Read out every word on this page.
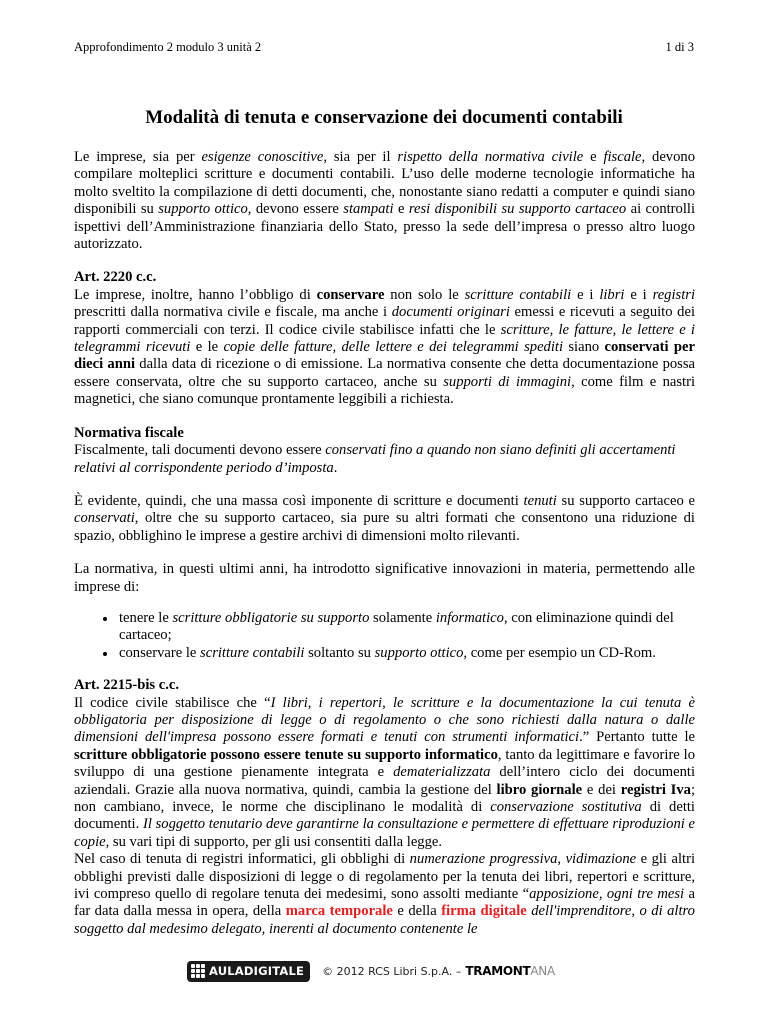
Approfondimento 2 modulo 3 unità 2	1 di 3
Modalità di tenuta e conservazione dei documenti contabili

Le imprese, sia per esigenze conoscitive, sia per il rispetto della normativa civile e fiscale, devono compilare molteplici scritture e documenti contabili. L’uso delle moderne tecnologie informatiche ha molto sveltito la compilazione di detti documenti, che, nonostante siano redatti a computer e quindi siano disponibili su supporto ottico, devono essere stampati e resi disponibili su supporto cartaceo ai controlli ispettivi dell’Amministrazione finanziaria dello Stato, presso la sede dell’impresa o presso altro luogo autorizzato.

Art. 2220 c.c.

Le imprese, inoltre, hanno l’obbligo di conservare non solo le scritture contabili e i libri e i registri prescritti dalla normativa civile e fiscale, ma anche i documenti originari emessi e ricevuti a seguito dei rapporti commerciali con terzi. Il codice civile stabilisce infatti che le scritture, le fatture, le lettere e i telegrammi ricevuti e le copie delle fatture, delle lettere e dei telegrammi spediti siano conservati per dieci anni dalla data di ricezione o di emissione. La normativa consente che detta documentazione possa essere conservata, oltre che su supporto cartaceo, anche su supporti di immagini, come film e nastri magnetici, che siano comunque prontamente leggibili a richiesta.

Normativa fiscale

Fiscalmente, tali documenti devono essere conservati fino a quando non siano definiti gli accertamenti relativi al corrispondente periodo d’imposta.

È evidente, quindi, che una massa così imponente di scritture e documenti tenuti su supporto cartaceo e conservati, oltre che su supporto cartaceo, sia pure su altri formati che consentono una riduzione di spazio, obblighino le imprese a gestire archivi di dimensioni molto rilevanti.

La normativa, in questi ultimi anni, ha introdotto significative innovazioni in materia, permettendo alle imprese di:

• tenere le scritture obbligatorie su supporto solamente informatico, con eliminazione quindi del cartaceo;
• conservare le scritture contabili soltanto su supporto ottico, come per esempio un CD-Rom.
Art. 2215-bis c.c.

Il codice civile stabilisce che “I libri, i repertori, le scritture e la documentazione la cui tenuta è obbligatoria per disposizione di legge o di regolamento o che sono richiesti dalla natura o dalle dimensioni dell'impresa possono essere formati e tenuti con strumenti informatici.” Pertanto tutte le scritture obbligatorie possono essere tenute su supporto informatico, tanto da legittimare e favorire lo sviluppo di una gestione pienamente integrata e dematerializzata dell’intero ciclo dei documenti aziendali. Grazie alla nuova normativa, quindi, cambia la gestione del libro giornale e dei registri Iva; non cambiano, invece, le norme che disciplinano le modalità di conservazione sostitutiva di detti documenti. Il soggetto tenutario deve garantirne la consultazione e permettere di effettuare riproduzioni e copie, su vari tipi di supporto, per gli usi consentiti dalla legge.

Nel caso di tenuta di registri informatici, gli obblighi di numerazione progressiva, vidimazione e gli altri obblighi previsti dalle disposizioni di legge o di regolamento per la tenuta dei libri, repertori e scritture, ivi compreso quello di regolare tenuta dei medesimi, sono assolti mediante “apposizione, ogni tre mesi a far data dalla messa in opera, della marca temporale e della firma digitale dell'imprenditore, o di altro soggetto dal medesimo delegato, inerenti al documento contenente le

AULADIGITALE © 2012 RCS Libri S.p.A. – TRAMONTANA
